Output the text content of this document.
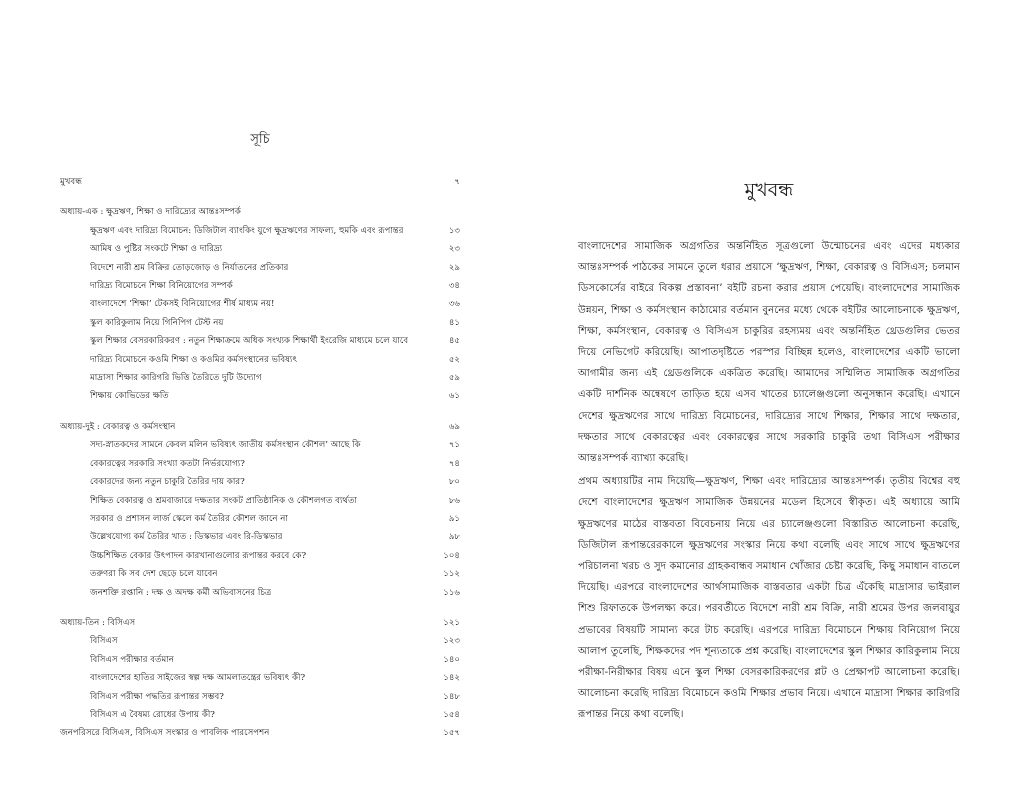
সূচি
মুখবন্ধ	৭
অধ্যায়-এক : ক্ষুদ্রঋণ, শিক্ষা ও দারিদ্র্যের আন্তঃসম্পর্ক
ক্ষুদ্রঋণ এবং দারিদ্র্য বিমোচন: ডিজিটাল ব্যাংকিং যুগে ক্ষুদ্রঋণের সাফল্য, হুমকি এবং রূপান্তর	১৩
আমিষ ও পুষ্টির সংকটে শিক্ষা ও দারিদ্র্য	২৩
বিদেশে নারী শ্রম বিক্রির তোড়জোড় ও নির্যাতনের প্রতিকার	২৯
দারিদ্র্য বিমোচনে শিক্ষা বিনিয়োগের সম্পর্ক	৩৪
বাংলাদেশে ‘শিক্ষা’ টেকসই বিনিয়োগের শীর্ষ মাধ্যম নয়!	৩৬
স্কুল কারিকুলাম নিয়ে গিনিপিগ টেস্ট নয়	৪১
স্কুল শিক্ষার বেসরকারিকরণ : নতুন শিক্ষাক্রমে অধিক সংখ্যক শিক্ষার্থী ইংরেজি মাধ্যমে চলে যাবে	৪৫
দারিদ্র্য বিমোচনে কওমি শিক্ষা ও কওমির কর্মসংস্থানের ভবিষ্যৎ	৫২
মাদ্রাসা শিক্ষার কারিগরি ভিত্তি তৈরিতে দুটি উদ্যোগ	৫৯
শিক্ষায় কোভিডের ক্ষতি	৬১
অধ্যায়-দুই : বেকারত্ব ও কর্মসংস্থান	৬৯
সদ্য-স্নাতকদের সামনে কেবল মলিন ভবিষ্যৎ জাতীয় কর্মসংস্থান কৌশল’ আছে কি	৭১
বেকারত্বের সরকারি সংখ্যা কতটা নির্ভরযোগ্য?	৭৪
বেকারদের জন্য নতুন চাকুরি তৈরির দায় কার?	৮০
শিক্ষিত বেকারত্ব ও শ্রমবাজারে দক্ষতার সংকট প্রাতিষ্ঠানিক ও কৌশলগত ব্যর্থতা	৮৬
সরকার ও প্রশাসন লার্জ স্কেলে কর্ম তৈরির কৌশল জানে না	৯১
উল্লেখযোগ্য কর্ম তৈরির খাত : ডিস্কভার এবং রি-ডিস্কভার	৯৮
উচ্চশিক্ষিত বেকার উৎপাদন কারখানাগুলোর রূপান্তর করবে কে?	১০৪
তরুণরা কি সব দেশ ছেড়ে চলে যাবেন	১১২
জনশক্তি রপ্তানি : দক্ষ ও অদক্ষ কর্মী অভিবাসনের চিত্র	১১৬
অধ্যায়-তিন : বিসিএস	১২১
বিসিএস	১২৩
বিসিএস পরীক্ষার বর্তমান	১৪০
বাংলাদেশের হাতির সাইজের স্বল্প দক্ষ আমলাতন্ত্রের ভবিষ্যৎ কী?	১৪২
বিসিএস পরীক্ষা পদ্ধতির রূপান্তর সম্ভব?	১৪৮
বিসিএস এ বৈষম্য রোধের উপায় কী?	১৫৪
জনপরিসরে বিসিএস, বিসিএস সংস্কার ও পাবলিক পারসেপশন	১৫৭
মুখবন্ধ

বাংলাদেশের সামাজিক অগ্রগতির অন্তর্নিহিত সূত্রগুলো উন্মোচনের এবং এদের মধ্যকার আন্তঃসম্পর্ক পাঠকের সামনে তুলে ধরার প্রয়াসে ‘ক্ষুদ্রঋণ, শিক্ষা, বেকারত্ব ও বিসিএস; চলমান ডিসকোর্সের বাইরে বিকল্প প্রস্তাবনা’ বইটি রচনা করার প্রয়াস পেয়েছি। বাংলাদেশের সামাজিক উন্নয়ন, শিক্ষা ও কর্মসংস্থান কাঠামোর বর্তমান বুননের মধ্যে থেকে বইটির আলোচনাকে ক্ষুদ্রঋণ, শিক্ষা, কর্মসংস্থান, বেকারত্ব ও বিসিএস চাকুরির রহস্যময় এবং অন্তর্নিহিত থ্রেডগুলির ভেতর দিয়ে নেভিগেট করিয়েছি। আপাতদৃষ্টিতে পরস্পর বিচ্ছিন্ন হলেও, বাংলাদেশের একটি ভালো আগামীর জন্য এই থ্রেডগুলিকে একত্রিত করেছি। আমাদের সম্মিলিত সামাজিক অগ্রগতির একটি দার্শনিক অন্বেষণে তাড়িত হয়ে এসব খাতের চ্যালেঞ্জগুলো অনুসন্ধান করেছি। এখানে দেশের ক্ষুদ্রঋণের সাথে দারিদ্র্য বিমোচনের, দারিদ্র্যের সাথে শিক্ষার, শিক্ষার সাথে দক্ষতার, দক্ষতার সাথে বেকারত্বের এবং বেকারত্বের সাথে সরকারি চাকুরি তথা বিসিএস পরীক্ষার আন্তঃসম্পর্ক ব্যাখ্যা করেছি।

প্রথম অধ্যায়টির নাম দিয়েছি—ক্ষুদ্রঋণ, শিক্ষা এবং দারিদ্র্যের আন্তঃসম্পর্ক। তৃতীয় বিশ্বের বহু দেশে বাংলাদেশের ক্ষুদ্রঋণ সামাজিক উন্নয়নের মডেল হিসেবে স্বীকৃত। এই অধ্যায়ে আমি ক্ষুদ্রঋণের মাঠের বাস্তবতা বিবেচনায় নিয়ে এর চ্যালেঞ্জগুলো বিস্তারিত আলোচনা করেছি, ডিজিটাল রূপান্তরেরকালে ক্ষুদ্রঋণের সংস্কার নিয়ে কথা বলেছি এবং সাথে সাথে ক্ষুদ্রঋণের পরিচালনা খরচ ও সুদ কমানোর গ্রাহকবান্ধব সমাধান খোঁজার চেষ্টা করেছি, কিছু সমাধান বাতলে দিয়েছি। এরপরে বাংলাদেশের আর্থসামাজিক বাস্তবতার একটা চিত্র এঁকেছি মাদ্রাসার ভাইরাল শিশু রিফাতকে উপলক্ষ্য করে। পরবর্তীতে বিদেশে নারী শ্রম বিক্রি, নারী শ্রমের উপর জলবায়ুর প্রভাবের বিষয়টি সামান্য করে টাচ করেছি। এরপরে দারিদ্র্য বিমোচনে শিক্ষায় বিনিয়োগ নিয়ে আলাপ তুলেছি, শিক্ষকদের পদ শূন্যতাকে প্রশ্ন করেছি। বাংলাদেশের স্কুল শিক্ষার কারিকুলাম নিয়ে পরীক্ষা-নিরীক্ষার বিষয় এনে স্কুল শিক্ষা বেসরকারিকরণের প্লট ও প্রেক্ষাপট আলোচনা করেছি। আলোচনা করেছি দারিদ্র্য বিমোচনে কওমি শিক্ষার প্রভাব নিয়ে। এখানে মাদ্রাসা শিক্ষার কারিগরি রূপান্তর নিয়ে কথা বলেছি।
